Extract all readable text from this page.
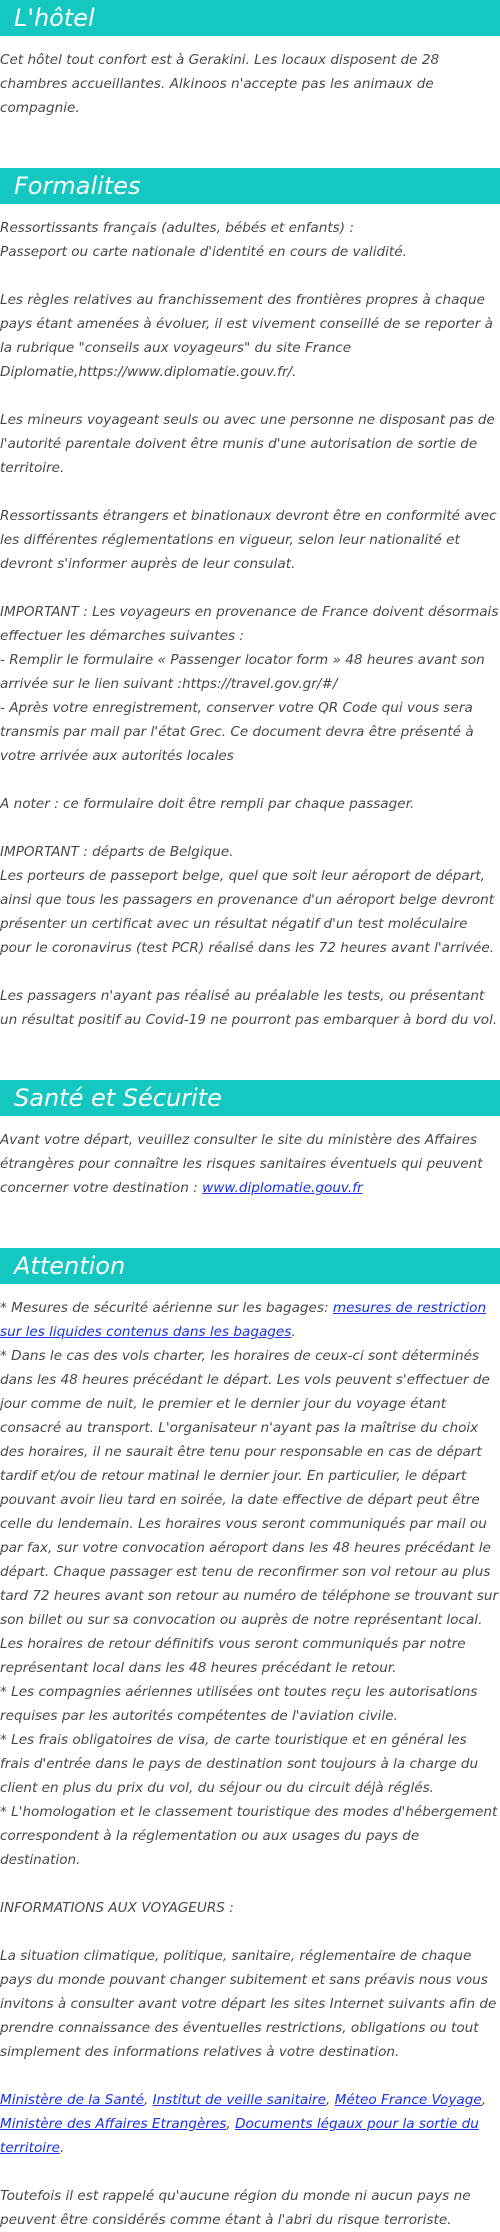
L'hôtel

Cet hôtel tout confort est à Gerakini. Les locaux disposent de 28 chambres accueillantes. Alkinoos n'accepte pas les animaux de compagnie.

Formalites

Ressortissants français (adultes, bébés et enfants) :

Passeport ou carte nationale d'identité en cours de validité.

Les règles relatives au franchissement des frontières propres à chaque pays étant amenées à évoluer, il est vivement conseillé de se reporter à la rubrique "conseils aux voyageurs" du site France Diplomatie,https://www.diplomatie.gouv.fr/.

Les mineurs voyageant seuls ou avec une personne ne disposant pas de l'autorité parentale doivent être munis d'une autorisation de sortie de territoire.

Ressortissants étrangers et binationaux devront être en conformité avec les différentes réglementations en vigueur, selon leur nationalité et devront s'informer auprès de leur consulat.

IMPORTANT : Les voyageurs en provenance de France doivent désormais effectuer les démarches suivantes :

- Remplir le formulaire « Passenger locator form » 48 heures avant son arrivée sur le lien suivant :https://travel.gov.gr/#/

- Après votre enregistrement, conserver votre QR Code qui vous sera transmis par mail par l'état Grec. Ce document devra être présenté à votre arrivée aux autorités locales

A noter : ce formulaire doit être rempli par chaque passager.

IMPORTANT : départs de Belgique.

Les porteurs de passeport belge, quel que soit leur aéroport de départ, ainsi que tous les passagers en provenance d'un aéroport belge devront présenter un certificat avec un résultat négatif d'un test moléculaire pour le coronavirus (test PCR) réalisé dans les 72 heures avant l'arrivée.

Les passagers n'ayant pas réalisé au préalable les tests, ou présentant un résultat positif au Covid-19 ne pourront pas embarquer à bord du vol.

Santé et Sécurite

Avant votre départ, veuillez consulter le site du ministère des Affaires étrangères pour connaître les risques sanitaires éventuels qui peuvent concerner votre destination : www.diplomatie.gouv.fr

Attention

* Mesures de sécurité aérienne sur les bagages: mesures de restriction sur les liquides contenus dans les bagages.

* Dans le cas des vols charter, les horaires de ceux-ci sont déterminés dans les 48 heures précédant le départ. Les vols peuvent s'effectuer de jour comme de nuit, le premier et le dernier jour du voyage étant consacré au transport. L'organisateur n'ayant pas la maîtrise du choix des horaires, il ne saurait être tenu pour responsable en cas de départ tardif et/ou de retour matinal le dernier jour. En particulier, le départ pouvant avoir lieu tard en soirée, la date effective de départ peut être celle du lendemain. Les horaires vous seront communiqués par mail ou par fax, sur votre convocation aéroport dans les 48 heures précédant le départ. Chaque passager est tenu de reconfirmer son vol retour au plus tard 72 heures avant son retour au numéro de téléphone se trouvant sur son billet ou sur sa convocation ou auprès de notre représentant local. Les horaires de retour définitifs vous seront communiqués par notre représentant local dans les 48 heures précédant le retour.

* Les compagnies aériennes utilisées ont toutes reçu les autorisations requises par les autorités compétentes de l'aviation civile.

* Les frais obligatoires de visa, de carte touristique et en général les frais d'entrée dans le pays de destination sont toujours à la charge du client en plus du prix du vol, du séjour ou du circuit déjà réglés.

* L'homologation et le classement touristique des modes d'hébergement correspondent à la réglementation ou aux usages du pays de destination.

INFORMATIONS AUX VOYAGEURS :

La situation climatique, politique, sanitaire, réglementaire de chaque pays du monde pouvant changer subitement et sans préavis nous vous invitons à consulter avant votre départ les sites Internet suivants afin de prendre connaissance des éventuelles restrictions, obligations ou tout simplement des informations relatives à votre destination.

Ministère de la Santé, Institut de veille sanitaire, Méteo France Voyage, Ministère des Affaires Etrangères, Documents légaux pour la sortie du territoire.

Toutefois il est rappelé qu'aucune région du monde ni aucun pays ne peuvent être considérés comme étant à l'abri du risque terroriste.
